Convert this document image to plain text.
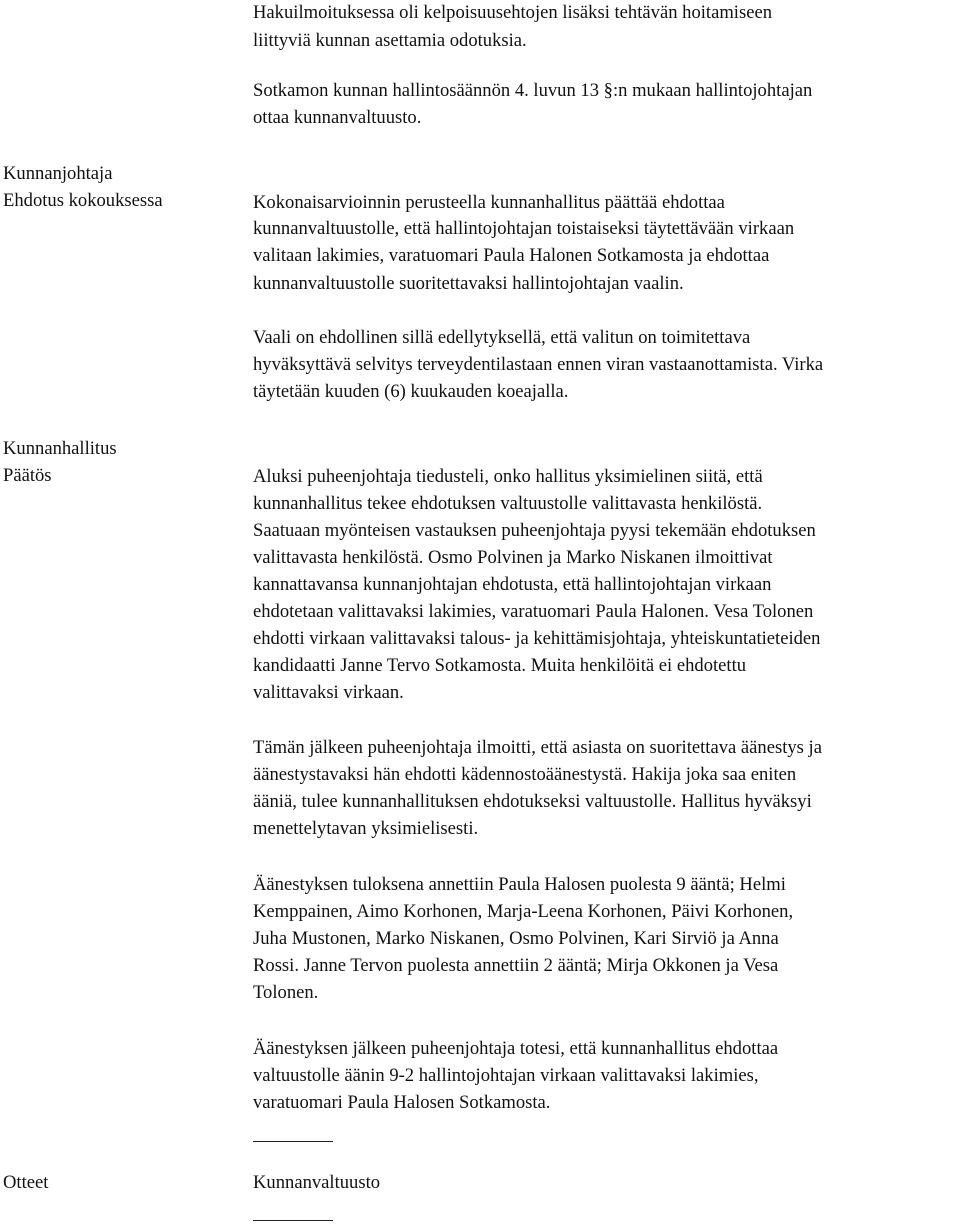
Hakuilmoituksessa oli kelpoisuusehtojen lisäksi tehtävän hoitamiseen
liittyviä kunnan asettamia odotuksia.
Sotkamon kunnan hallintosäännön 4. luvun 13 §:n mukaan hallintojohtajan
ottaa kunnanvaltuusto.
Kunnanjohtaja
Ehdotus kokouksessa	Kokonaisarvioinnin perusteella kunnanhallitus päättää ehdottaa
kunnanvaltuustolle, että hallintojohtajan toistaiseksi täytettävään virkaan
valitaan lakimies, varatuomari Paula Halonen Sotkamosta ja ehdottaa
kunnanvaltuustolle suoritettavaksi hallintojohtajan vaalin.
Vaali on ehdollinen sillä edellytyksellä, että valitun on toimitettava
hyväksyttävä selvitys terveydentilastaan ennen viran vastaanottamista. Virka
täytetään kuuden (6) kuukauden koeajalla.
Kunnanhallitus
Päätös	Aluksi puheenjohtaja tiedusteli, onko hallitus yksimielinen siitä, että
kunnanhallitus tekee ehdotuksen valtuustolle valittavasta henkilöstä.
Saatuaan myönteisen vastauksen puheenjohtaja pyysi tekemään ehdotuksen
valittavasta henkilöstä. Osmo Polvinen ja Marko Niskanen ilmoittivat
kannattavansa kunnanjohtajan ehdotusta, että hallintojohtajan virkaan
ehdotetaan valittavaksi lakimies, varatuomari Paula Halonen. Vesa Tolonen
ehdotti virkaan valittavaksi talous- ja kehittämisjohtaja, yhteiskuntatieteiden
kandidaatti Janne Tervo Sotkamosta. Muita henkilöitä ei ehdotettu
valittavaksi virkaan.
Tämän jälkeen puheenjohtaja ilmoitti, että asiasta on suoritettava äänestys ja
äänestystavaksi hän ehdotti kädennostoäänestystä. Hakija joka saa eniten
ääniä, tulee kunnanhallituksen ehdotukseksi valtuustolle. Hallitus hyväksyi
menettelytavan yksimielisesti.
Äänestyksen tuloksena annettiin Paula Halosen puolesta 9 ääntä; Helmi
Kemppainen, Aimo Korhonen, Marja-Leena Korhonen, Päivi Korhonen,
Juha Mustonen, Marko Niskanen, Osmo Polvinen, Kari Sirviö ja Anna
Rossi. Janne Tervon puolesta annettiin 2 ääntä; Mirja Okkonen ja Vesa
Tolonen.
Äänestyksen jälkeen puheenjohtaja totesi, että kunnanhallitus ehdottaa
valtuustolle äänin 9-2 hallintojohtajan virkaan valittavaksi lakimies,
varatuomari Paula Halosen Sotkamosta.
Otteet	Kunnanvaltuusto
